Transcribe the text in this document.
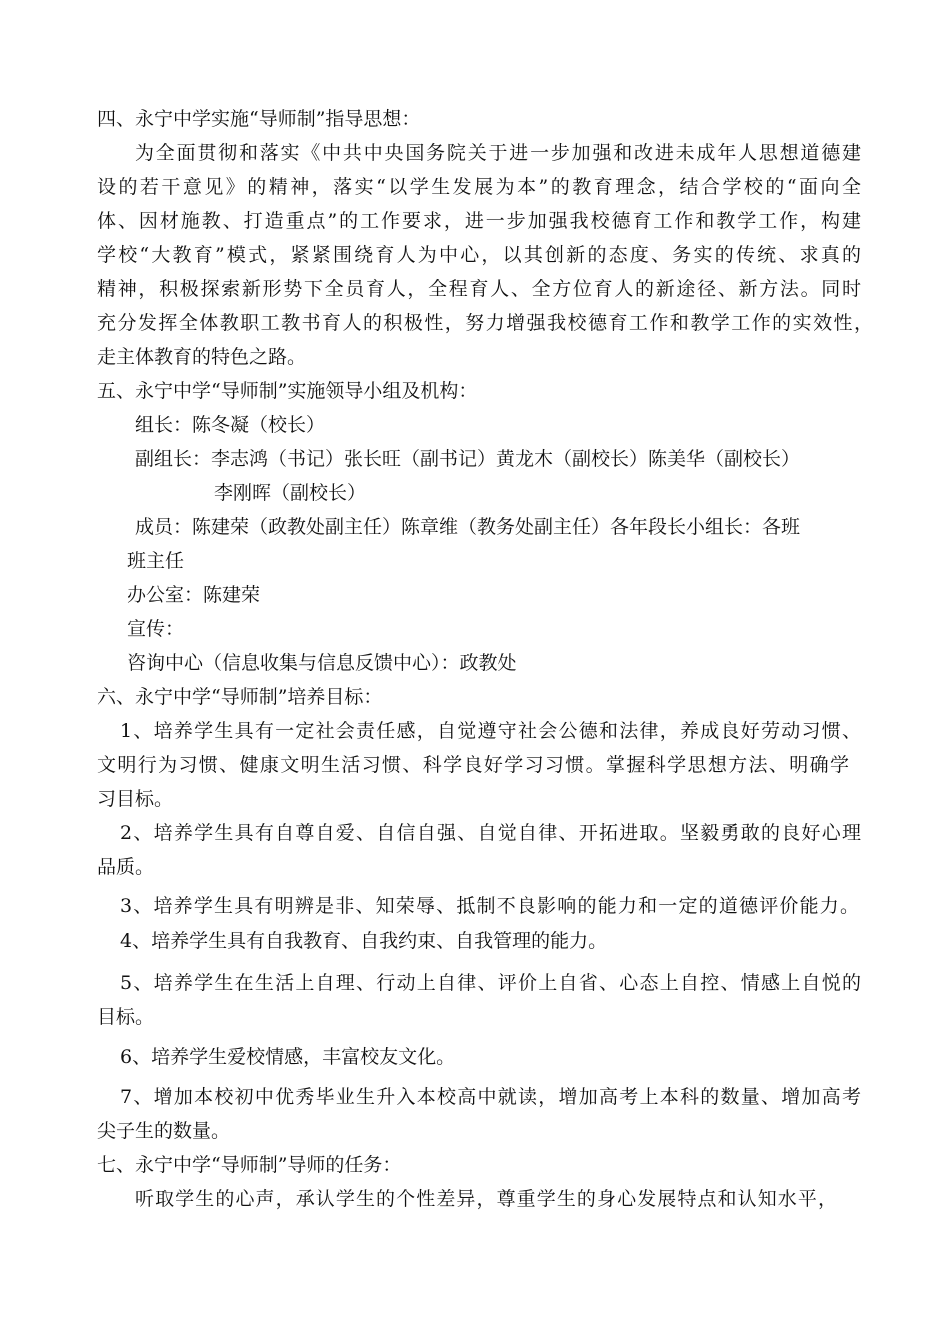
四、永宁中学实施“导师制”指导思想：
为全面贯彻和落实《中共中央国务院关于进一步加强和改进未成年人思想道德建
设的若干意见》的精神，落实“以学生发展为本”的教育理念，结合学校的“面向全
体、因材施教、打造重点”的工作要求，进一步加强我校德育工作和教学工作，构建
学校“大教育”模式，紧紧围绕育人为中心，以其创新的态度、务实的传统、求真的
精神，积极探索新形势下全员育人，全程育人、全方位育人的新途径、新方法。同时
充分发挥全体教职工教书育人的积极性，努力增强我校德育工作和教学工作的实效性，
走主体教育的特色之路。
五、永宁中学“导师制”实施领导小组及机构：
组长：陈冬凝（校长）
副组长：李志鸿（书记）张长旺（副书记）黄龙木（副校长）陈美华（副校长）
李刚晖（副校长）
成员：陈建荣（政教处副主任）陈章维（教务处副主任）各年段长小组长：各班
班主任
办公室：陈建荣
宣传：
咨询中心（信息收集与信息反馈中心）：政教处
六、永宁中学“导师制”培养目标：
1、培养学生具有一定社会责任感，自觉遵守社会公德和法律，养成良好劳动习惯、
文明行为习惯、健康文明生活习惯、科学良好学习习惯。掌握科学思想方法、明确学
习目标。
2、培养学生具有自尊自爱、自信自强、自觉自律、开拓进取。坚毅勇敢的良好心理
品质。
3、培养学生具有明辨是非、知荣辱、抵制不良影响的能力和一定的道德评价能力。
4、培养学生具有自我教育、自我约束、自我管理的能力。
5、培养学生在生活上自理、行动上自律、评价上自省、心态上自控、情感上自悦的
目标。
6、培养学生爱校情感，丰富校友文化。
7、增加本校初中优秀毕业生升入本校高中就读，增加高考上本科的数量、增加高考
尖子生的数量。
七、永宁中学“导师制”导师的任务：
听取学生的心声，承认学生的个性差异，尊重学生的身心发展特点和认知水平，
